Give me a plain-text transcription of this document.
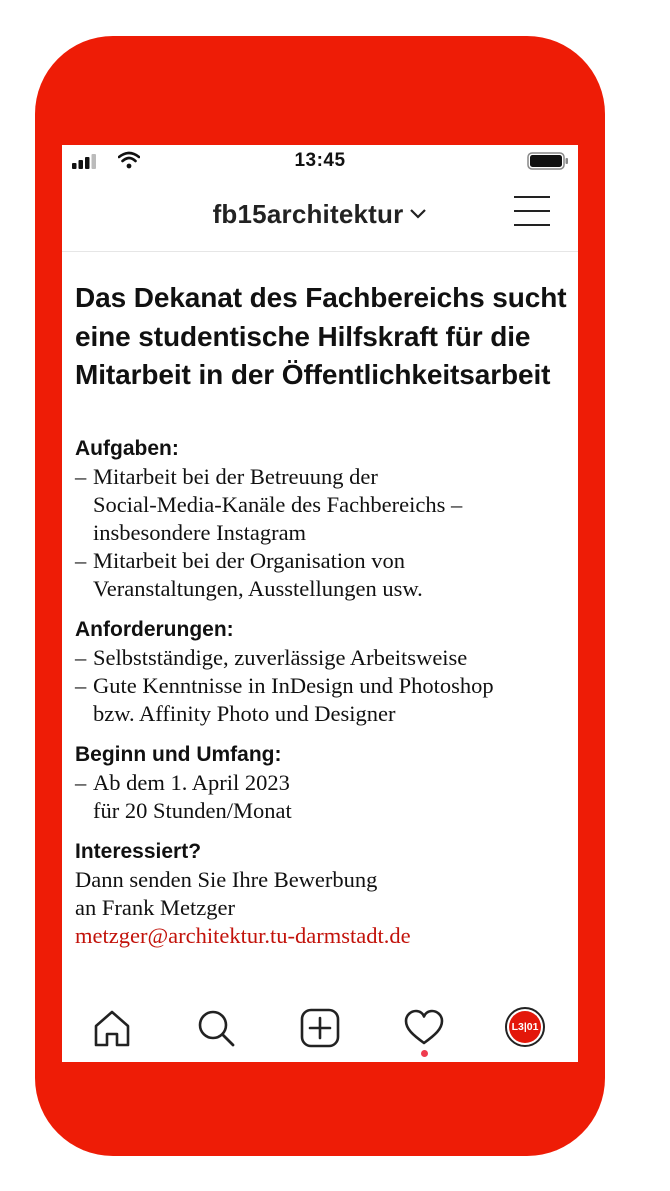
13:45
fb15architektur
Das Dekanat des Fachbereichs sucht eine studentische Hilfskraft für die Mitarbeit in der Öffentlichkeitsarbeit
Aufgaben:
– Mitarbeit bei der Betreuung der
Social-Media-Kanäle des Fachbereichs –
insbesondere Instagram
– Mitarbeit bei der Organisation von
Veranstaltungen, Ausstellungen usw.
Anforderungen:
– Selbstständige, zuverlässige Arbeitsweise
– Gute Kenntnisse in InDesign und Photoshop
bzw. Affinity Photo und Designer
Beginn und Umfang:
– Ab dem 1. April 2023
für 20 Stunden/Monat
Interessiert?
Dann senden Sie Ihre Bewerbung
an Frank Metzger
metzger@architektur.tu-darmstadt.de
L3|01
